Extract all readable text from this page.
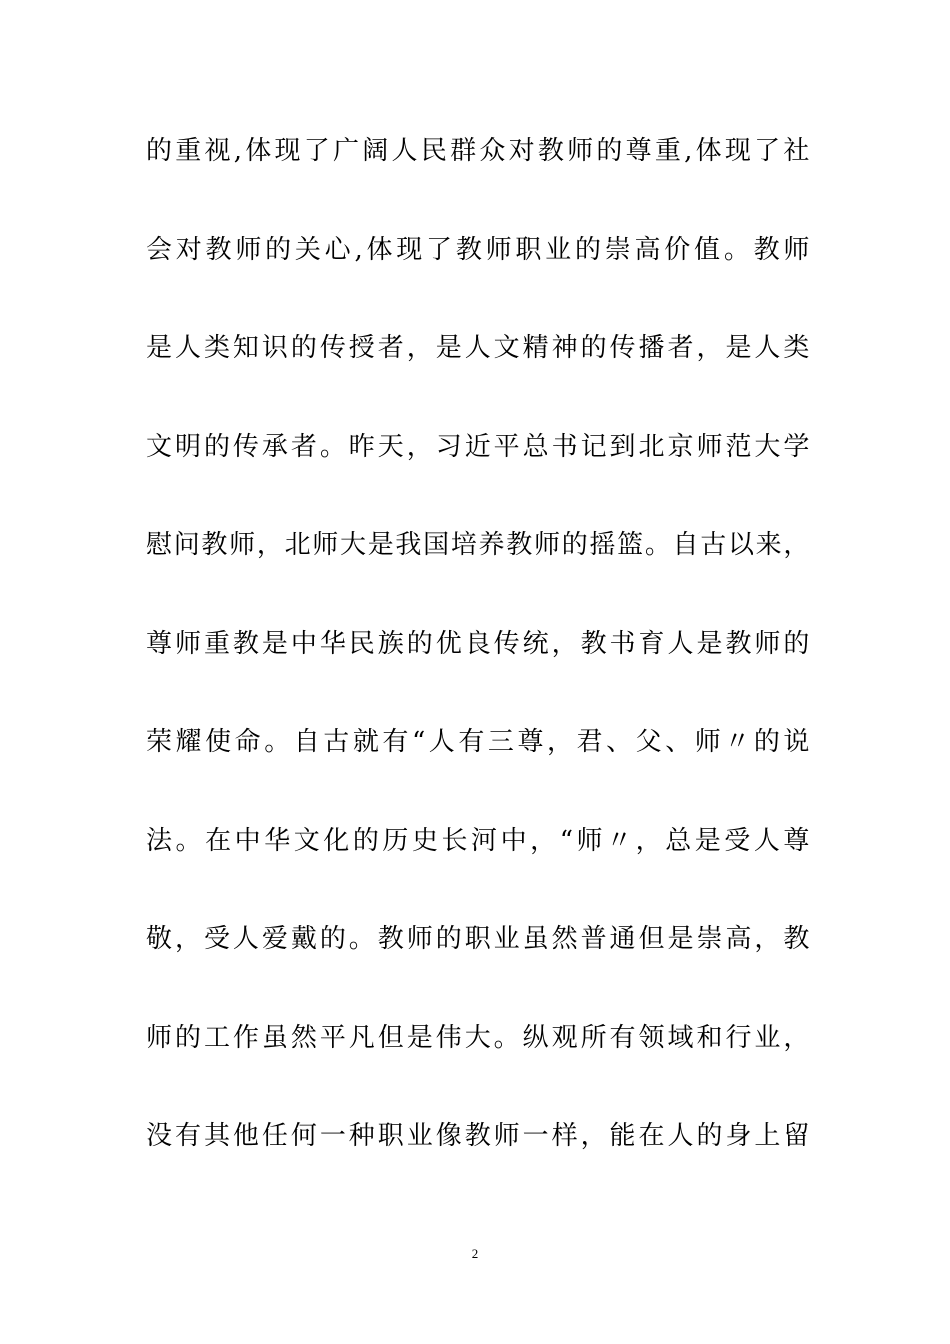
的重视,体现了广阔人民群众对教师的尊重,体现了社
会对教师的关心,体现了教师职业的崇高价值。教师
是人类知识的传授者，是人文精神的传播者，是人类
文明的传承者。昨天，习近平总书记到北京师范大学
慰问教师，北师大是我国培养教师的摇篮。自古以来，
尊师重教是中华民族的优良传统，教书育人是教师的
荣耀使命。自古就有“人有三尊，君、父、师〃的说
法。在中华文化的历史长河中，“师〃，总是受人尊
敬，受人爱戴的。教师的职业虽然普通但是崇高，教
师的工作虽然平凡但是伟大。纵观所有领域和行业，
没有其他任何一种职业像教师一样，能在人的身上留
2
